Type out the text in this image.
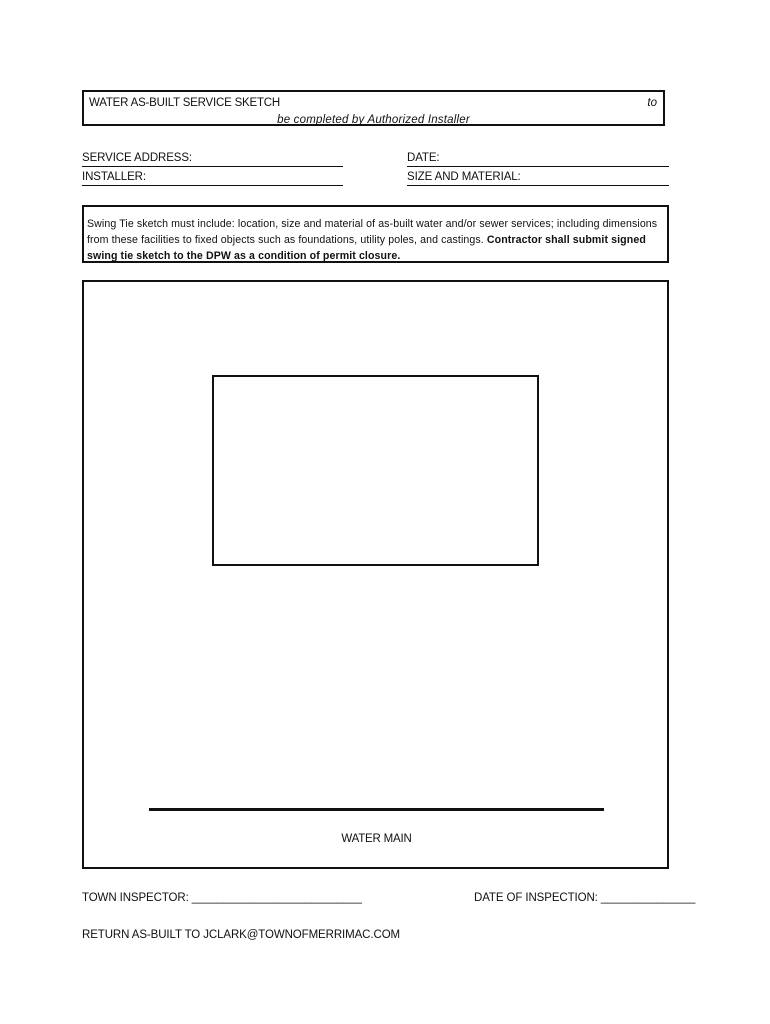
WATER AS-BUILT SERVICE SKETCH	to
be completed by Authorized Installer
SERVICE ADDRESS:	DATE:
INSTALLER:	SIZE AND MATERIAL:
Swing Tie sketch must include: location, size and material of as-built water and/or sewer services; including dimensions from these facilities to fixed objects such as foundations, utility poles, and castings. Contractor shall submit signed swing tie sketch to the DPW as a condition of permit closure.
WATER MAIN
TOWN INSPECTOR: ___________________________	DATE OF INSPECTION: _______________
RETURN AS-BUILT TO JCLARK@TOWNOFMERRIMAC.COM
